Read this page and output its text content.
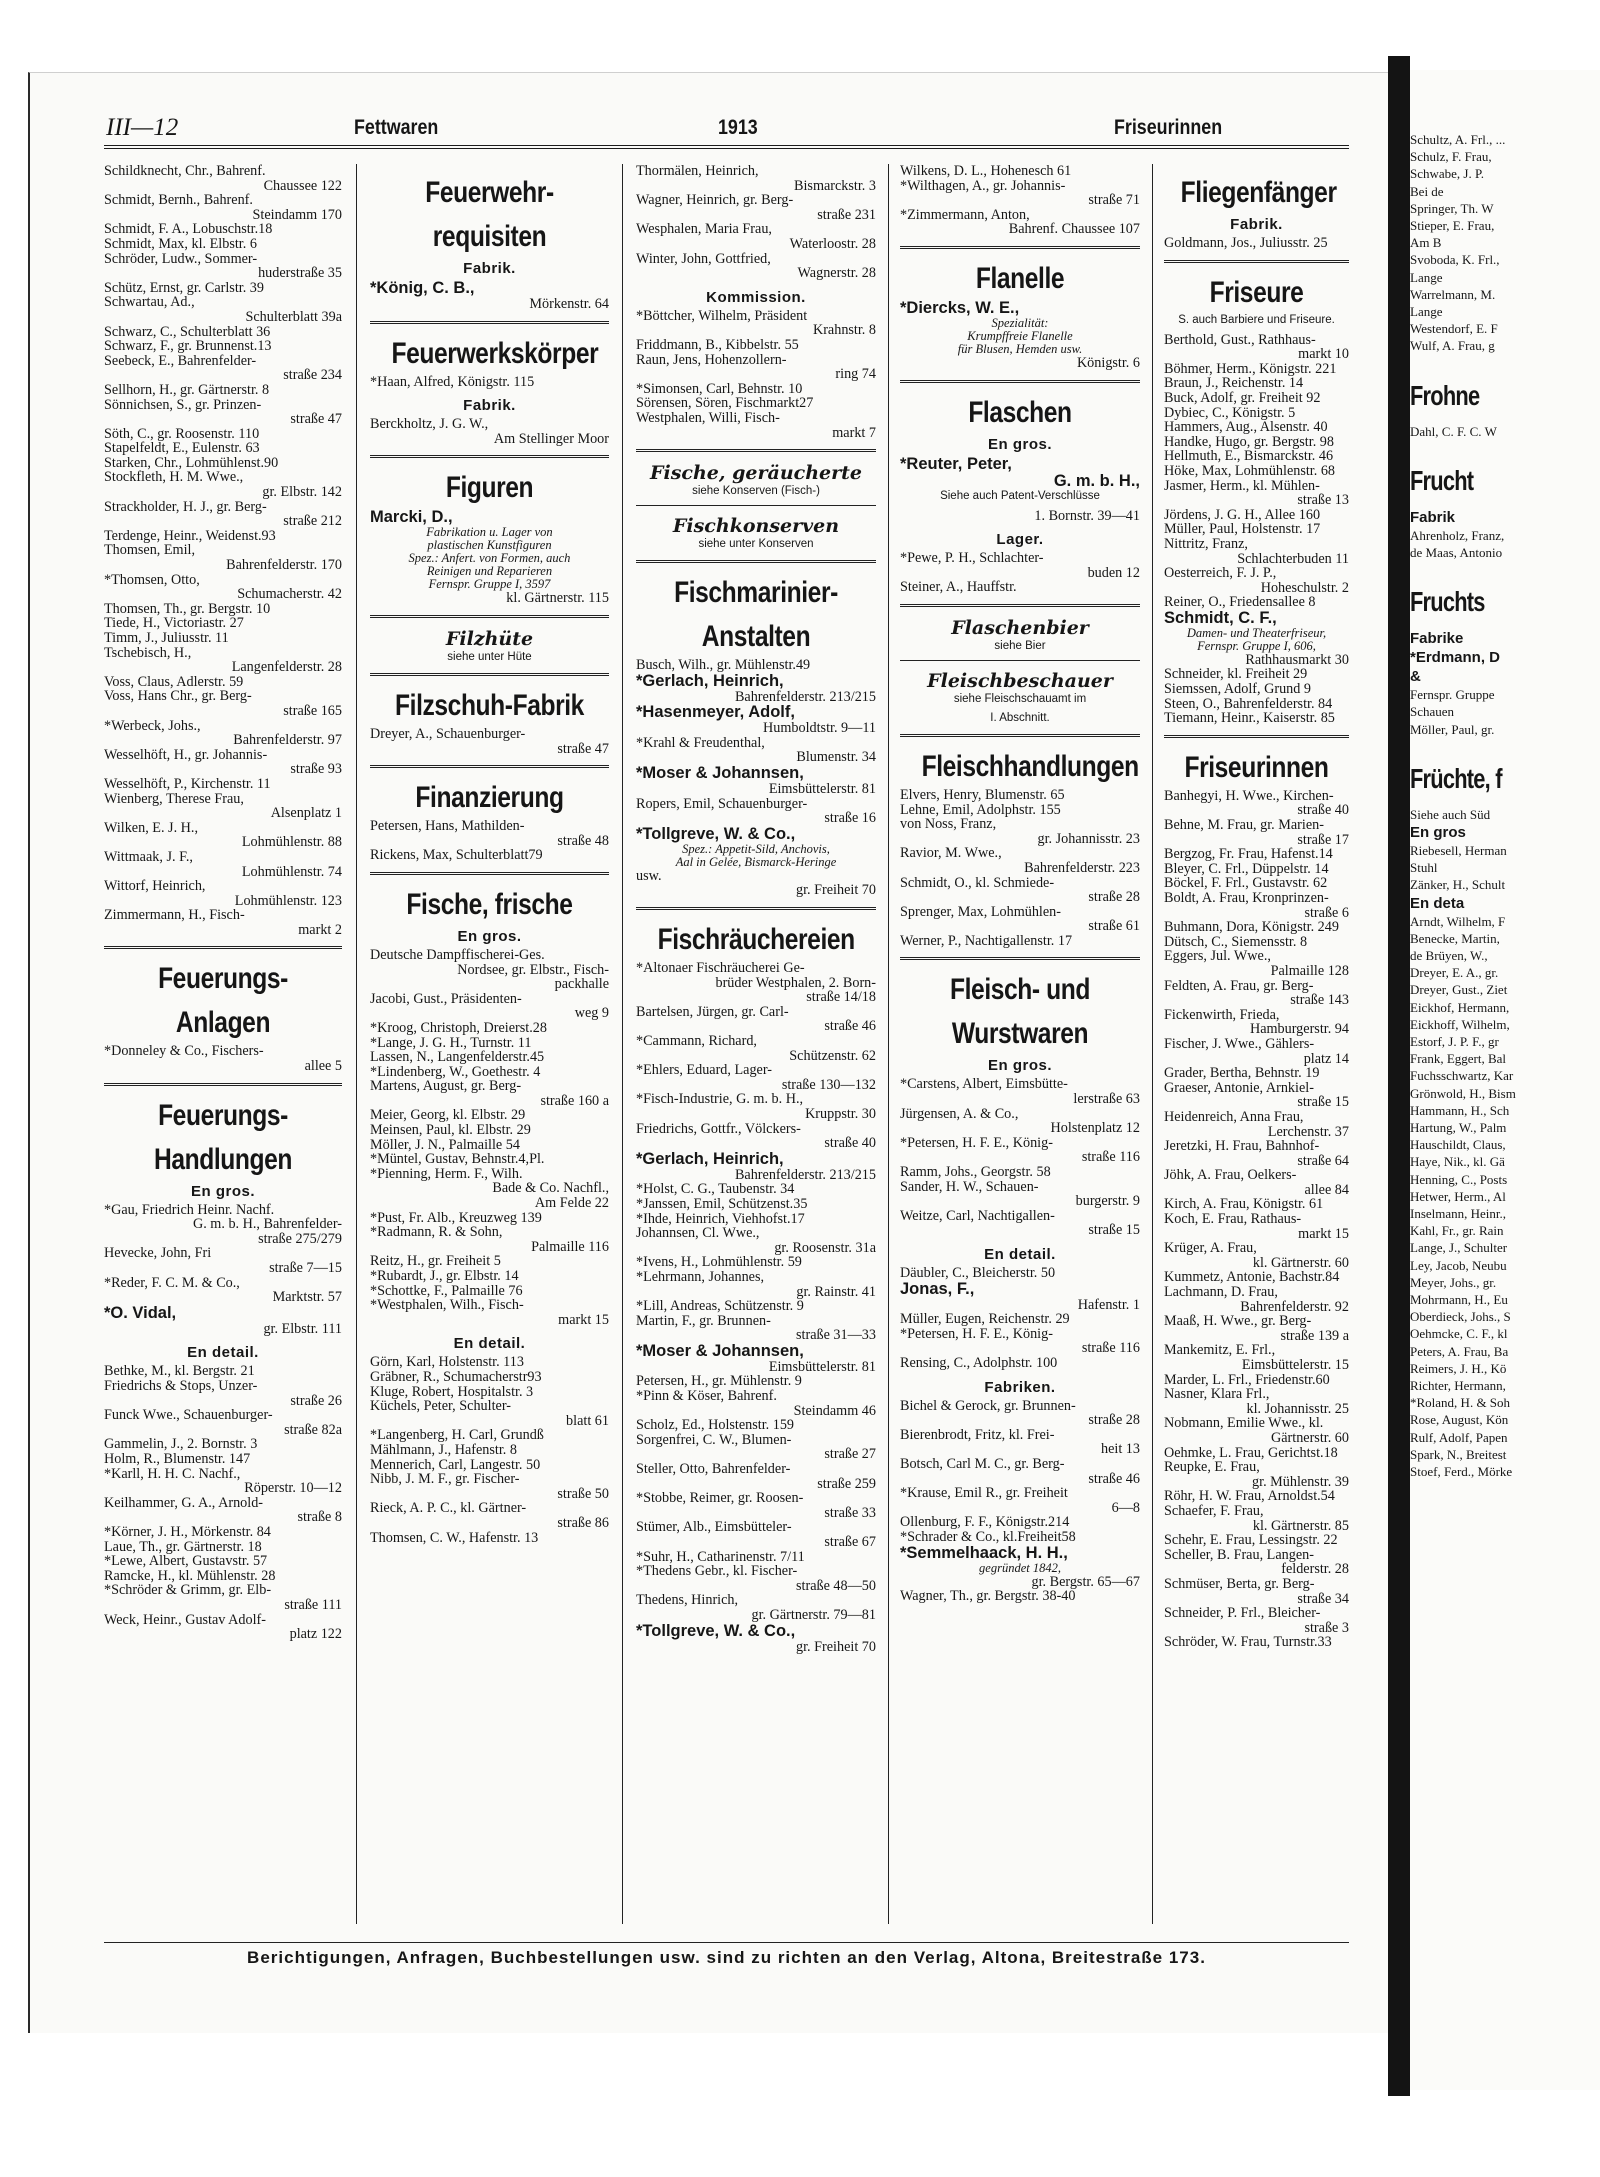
Schultz, A. Frl., ...
Schulz, F. Frau,
Schwabe, J. P.
Bei de
Springer, Th. W
Stieper, E. Frau,
Am B
Svoboda, K. Frl.,
Lange
Warrelmann, M.
Lange
Westendorf, E. F
Wulf, A. Frau, g
Frohne
Dahl, C. F. C. W
Frucht
Fabrik
Ahrenholz, Franz,
de Maas, Antonio
Fruchts
Fabrike
*Erdmann, D
&
Fernspr. Gruppe
Schauen
Möller, Paul, gr.
Früchte, f
Siehe auch Süd
En gros
Riebesell, Herman
Stuhl
Zänker, H., Schult
En deta
Arndt, Wilhelm, F
Benecke, Martin,
de Brüyen, W.,
Dreyer, E. A., gr.
Dreyer, Gust., Ziet
Eickhof, Hermann,
Eickhoff, Wilhelm,
Estorf, J. P. F., gr
Frank, Eggert, Bal
Fuchsschwartz, Kar
Grönwold, H., Bism
Hammann, H., Sch
Hartung, W., Palm
Hauschildt, Claus,
Haye, Nik., kl. Gä
Henning, C., Posts
Hetwer, Herm., Al
Inselmann, Heinr.,
Kahl, Fr., gr. Rain
Lange, J., Schulter
Ley, Jacob, Neubu
Meyer, Johs., gr.
Mohrmann, H., Eu
Oberdieck, Johs., S
Oehmcke, C. F., kl
Peters, A. Frau, Ba
Reimers, J. H., Kö
Richter, Hermann,
*Roland, H. & Soh
Rose, August, Kön
Rulf, Adolf, Papen
Spark, N., Breitest
Stoef, Ferd., Mörke
III—12	Fettwaren	1913	Friseurinnen
Schildknecht, Chr., Bahrenf.
Chaussee 122
Schmidt, Bernh., Bahrenf.
Steindamm 170
Schmidt, F. A., Lobuschstr.18
Schmidt, Max, kl. Elbstr. 6
Schröder, Ludw., Sommer-
huderstraße 35
Schütz, Ernst, gr. Carlstr. 39
Schwartau, Ad.,
Schulterblatt 39a
Schwarz, C., Schulterblatt 36
Schwarz, F., gr. Brunnenst.13
Seebeck, E., Bahrenfelder-
straße 234
Sellhorn, H., gr. Gärtnerstr. 8
Sönnichsen, S., gr. Prinzen-
straße 47
Söth, C., gr. Roosenstr. 110
Stapelfeldt, E., Eulenstr. 63
Starken, Chr., Lohmühlenst.90
Stockfleth, H. M. Wwe.,
gr. Elbstr. 142
Strackholder, H. J., gr. Berg-
straße 212
Terdenge, Heinr., Weidenst.93
Thomsen, Emil,
Bahrenfelderstr. 170
*Thomsen, Otto,
Schumacherstr. 42
Thomsen, Th., gr. Bergstr. 10
Tiede, H., Victoriastr. 27
Timm, J., Juliusstr. 11
Tschebisch, H.,
Langenfelderstr. 28
Voss, Claus, Adlerstr. 59
Voss, Hans Chr., gr. Berg-
straße 165
*Werbeck, Johs.,
Bahrenfelderstr. 97
Wesselhöft, H., gr. Johannis-
straße 93
Wesselhöft, P., Kirchenstr. 11
Wienberg, Therese Frau,
Alsenplatz 1
Wilken, E. J. H.,
Lohmühlenstr. 88
Wittmaak, J. F.,
Lohmühlenstr. 74
Wittorf, Heinrich,
Lohmühlenstr. 123
Zimmermann, H., Fisch-
markt 2
Feuerungs-
Anlagen
*Donneley & Co., Fischers-
allee 5
Feuerungs-
Handlungen
En gros.
*Gau, Friedrich Heinr. Nachf.
G. m. b. H., Bahrenfelder-
straße 275/279
Hevecke, John, Fri
straße 7—15
*Reder, F. C. M. & Co.,
Marktstr. 57
*O. Vidal,
gr. Elbstr. 111
En detail.
Bethke, M., kl. Bergstr. 21
Friedrichs & Stops, Unzer-
straße 26
Funck Wwe., Schauenburger-
straße 82a
Gammelin, J., 2. Bornstr. 3
Holm, R., Blumenstr. 147
*Karll, H. H. C. Nachf.,
Röperstr. 10—12
Keilhammer, G. A., Arnold-
straße 8
*Körner, J. H., Mörkenstr. 84
Laue, Th., gr. Gärtnerstr. 18
*Lewe, Albert, Gustavstr. 57
Ramcke, H., kl. Mühlenstr. 28
*Schröder & Grimm, gr. Elb-
straße 111
Weck, Heinr., Gustav Adolf-
platz 122
Feuerwehr-
requisiten
Fabrik.
*König, C. B.,
Mörkenstr. 64
Feuerwerkskörper
*Haan, Alfred, Königstr. 115
Fabrik.
Berckholtz, J. G. W.,
Am Stellinger Moor
Figuren
Marcki, D.,
Fabrikation u. Lager von
plastischen Kunstfiguren
Spez.: Anfert. von Formen, auch
Reinigen und Reparieren
Fernspr. Gruppe I, 3597
kl. Gärtnerstr. 115
Filzhüte
siehe unter Hüte
Filzschuh-Fabrik
Dreyer, A., Schauenburger-
straße 47
Finanzierung
Petersen, Hans, Mathilden-
straße 48
Rickens, Max, Schulterblatt79
Fische, frische
En gros.
Deutsche Dampffischerei-Ges.
Nordsee, gr. Elbstr., Fisch-
packhalle
Jacobi, Gust., Präsidenten-
weg 9
*Kroog, Christoph, Dreierst.28
*Lange, J. G. H., Turnstr. 11
Lassen, N., Langenfelderstr.45
*Lindenberg, W., Goethestr. 4
Martens, August, gr. Berg-
straße 160 a
Meier, Georg, kl. Elbstr. 29
Meinsen, Paul, kl. Elbstr. 29
Möller, J. N., Palmaille 54
*Müntel, Gustav, Behnstr.4,Pl.
*Pienning, Herm. F., Wilh.
Bade & Co. Nachfl.,
Am Felde 22
*Pust, Fr. Alb., Kreuzweg 139
*Radmann, R. & Sohn,
Palmaille 116
Reitz, H., gr. Freiheit 5
*Rubardt, J., gr. Elbstr. 14
*Schottke, F., Palmaille 76
*Westphalen, Wilh., Fisch-
markt 15
En detail.
Görn, Karl, Holstenstr. 113
Gräbner, R., Schumacherstr93
Kluge, Robert, Hospitalstr. 3
Küchels, Peter, Schulter-
blatt 61
*Langenberg, H. Carl, Grundß
Mählmann, J., Hafenstr. 8
Mennerich, Carl, Langestr. 50
Nibb, J. M. F., gr. Fischer-
straße 50
Rieck, A. P. C., kl. Gärtner-
straße 86
Thomsen, C. W., Hafenstr. 13
Thormälen, Heinrich,
Bismarckstr. 3
Wagner, Heinrich, gr. Berg-
straße 231
Wesphalen, Maria Frau,
Waterloostr. 28
Winter, John, Gottfried,
Wagnerstr. 28
Kommission.
*Böttcher, Wilhelm, Präsident
Krahnstr. 8
Friddmann, B., Kibbelstr. 55
Raun, Jens, Hohenzollern-
ring 74
*Simonsen, Carl, Behnstr. 10
Sörensen, Sören, Fischmarkt27
Westphalen, Willi, Fisch-
markt 7
Fische, geräucherte
siehe Konserven (Fisch-)
Fischkonserven
siehe unter Konserven
Fischmarinier-
Anstalten
Busch, Wilh., gr. Mühlenstr.49
*Gerlach, Heinrich,
Bahrenfelderstr. 213/215
*Hasenmeyer, Adolf,
Humboldtstr. 9—11
*Krahl & Freudenthal,
Blumenstr. 34
*Moser & Johannsen,
Eimsbüttelerstr. 81
Ropers, Emil, Schauenburger-
straße 16
*Tollgreve, W. & Co.,
Spez.: Appetit-Sild, Anchovis,
Aal in Gelée, Bismarck-Heringe
usw.
gr. Freiheit 70
Fischräuchereien
*Altonaer Fischräucherei Ge-
brüder Westphalen, 2. Born-
straße 14/18
Bartelsen, Jürgen, gr. Carl-
straße 46
*Cammann, Richard,
Schützenstr. 62
*Ehlers, Eduard, Lager-
straße 130—132
*Fisch-Industrie, G. m. b. H.,
Kruppstr. 30
Friedrichs, Gottfr., Völckers-
straße 40
*Gerlach, Heinrich,
Bahrenfelderstr. 213/215
*Holst, C. G., Taubenstr. 34
*Janssen, Emil, Schützenst.35
*Ihde, Heinrich, Viehhofst.17
Johannsen, Cl. Wwe.,
gr. Roosenstr. 31a
*Ivens, H., Lohmühlenstr. 59
*Lehrmann, Johannes,
gr. Rainstr. 41
*Lill, Andreas, Schützenstr. 9
Martin, F., gr. Brunnen-
straße 31—33
*Moser & Johannsen,
Eimsbüttelerstr. 81
Petersen, H., gr. Mühlenstr. 9
*Pinn & Köser, Bahrenf.
Steindamm 46
Scholz, Ed., Holstenstr. 159
Sorgenfrei, C. W., Blumen-
straße 27
Steller, Otto, Bahrenfelder-
straße 259
*Stobbe, Reimer, gr. Roosen-
straße 33
Stümer, Alb., Eimsbütteler-
straße 67
*Suhr, H., Catharinenstr. 7/11
*Thedens Gebr., kl. Fischer-
straße 48—50
Thedens, Hinrich,
gr. Gärtnerstr. 79—81
*Tollgreve, W. & Co.,
gr. Freiheit 70
Wilkens, D. L., Hohenesch 61
*Wilthagen, A., gr. Johannis-
straße 71
*Zimmermann, Anton,
Bahrenf. Chaussee 107
Flanelle
*Diercks, W. E.,
Spezialität:
Krumpffreie Flanelle
für Blusen, Hemden usw.
Königstr. 6
Flaschen
En gros.
*Reuter, Peter,
G. m. b. H.,
Siehe auch Patent-Verschlüsse
1. Bornstr. 39—41
Lager.
*Pewe, P. H., Schlachter-
buden 12
Steiner, A., Hauffstr.
Flaschenbier
siehe Bier
Fleischbeschauer
siehe Fleischschauamt im
I. Abschnitt.
Fleischhandlungen
Elvers, Henry, Blumenstr. 65
Lehne, Emil, Adolphstr. 155
von Noss, Franz,
gr. Johannisstr. 23
Ravior, M. Wwe.,
Bahrenfelderstr. 223
Schmidt, O., kl. Schmiede-
straße 28
Sprenger, Max, Lohmühlen-
straße 61
Werner, P., Nachtigallenstr. 17
Fleisch- und
Wurstwaren
En gros.
*Carstens, Albert, Eimsbütte-
lerstraße 63
Jürgensen, A. & Co.,
Holstenplatz 12
*Petersen, H. F. E., König-
straße 116
Ramm, Johs., Georgstr. 58
Sander, H. W., Schauen-
burgerstr. 9
Weitze, Carl, Nachtigallen-
straße 15
En detail.
Däubler, C., Bleicherstr. 50
Jonas, F.,
Hafenstr. 1
Müller, Eugen, Reichenstr. 29
*Petersen, H. F. E., König-
straße 116
Rensing, C., Adolphstr. 100
Fabriken.
Bichel & Gerock, gr. Brunnen-
straße 28
Bierenbrodt, Fritz, kl. Frei-
heit 13
Botsch, Carl M. C., gr. Berg-
straße 46
*Krause, Emil R., gr. Freiheit
6—8
Ollenburg, F. F., Königstr.214
*Schrader & Co., kl.Freiheit58
*Semmelhaack, H. H.,
gegründet 1842,
gr. Bergstr. 65—67
Wagner, Th., gr. Bergstr. 38-40
Fliegenfänger
Fabrik.
Goldmann, Jos., Juliusstr. 25
Friseure
S. auch Barbiere und Friseure.
Berthold, Gust., Rathhaus-
markt 10
Böhmer, Herm., Königstr. 221
Braun, J., Reichenstr. 14
Buck, Adolf, gr. Freiheit 92
Dybiec, C., Königstr. 5
Hammers, Aug., Alsenstr. 40
Handke, Hugo, gr. Bergstr. 98
Hellmuth, E., Bismarckstr. 46
Höke, Max, Lohmühlenstr. 68
Jasmer, Herm., kl. Mühlen-
straße 13
Jördens, J. G. H., Allee 160
Müller, Paul, Holstenstr. 17
Nittritz, Franz,
Schlachterbuden 11
Oesterreich, F. J. P.,
Hoheschulstr. 2
Reiner, O., Friedensallee 8
Schmidt, C. F.,
Damen- und Theaterfriseur,
Fernspr. Gruppe I, 606,
Rathhausmarkt 30
Schneider, kl. Freiheit 29
Siemssen, Adolf, Grund 9
Steen, O., Bahrenfelderstr. 84
Tiemann, Heinr., Kaiserstr. 85
Friseurinnen
Banhegyi, H. Wwe., Kirchen-
straße 40
Behne, M. Frau, gr. Marien-
straße 17
Bergzog, Fr. Frau, Hafenst.14
Bleyer, C. Frl., Düppelstr. 14
Böckel, F. Frl., Gustavstr. 62
Boldt, A. Frau, Kronprinzen-
straße 6
Buhmann, Dora, Königstr. 249
Dütsch, C., Siemensstr. 8
Eggers, Jul. Wwe.,
Palmaille 128
Feldten, A. Frau, gr. Berg-
straße 143
Fickenwirth, Frieda,
Hamburgerstr. 94
Fischer, J. Wwe., Gählers-
platz 14
Grader, Bertha, Behnstr. 19
Graeser, Antonie, Arnkiel-
straße 15
Heidenreich, Anna Frau,
Lerchenstr. 37
Jeretzki, H. Frau, Bahnhof-
straße 64
Jöhk, A. Frau, Oelkers-
allee 84
Kirch, A. Frau, Königstr. 61
Koch, E. Frau, Rathaus-
markt 15
Krüger, A. Frau,
kl. Gärtnerstr. 60
Kummetz, Antonie, Bachstr.84
Lachmann, D. Frau,
Bahrenfelderstr. 92
Maaß, H. Wwe., gr. Berg-
straße 139 a
Mankemitz, E. Frl.,
Eimsbüttelerstr. 15
Marder, L. Frl., Friedenstr.60
Nasner, Klara Frl.,
kl. Johannisstr. 25
Nobmann, Emilie Wwe., kl.
Gärtnerstr. 60
Oehmke, L. Frau, Gerichtst.18
Reupke, E. Frau,
gr. Mühlenstr. 39
Röhr, H. W. Frau, Arnoldst.54
Schaefer, F. Frau,
kl. Gärtnerstr. 85
Schehr, E. Frau, Lessingstr. 22
Scheller, B. Frau, Langen-
felderstr. 28
Schmüser, Berta, gr. Berg-
straße 34
Schneider, P. Frl., Bleicher-
straße 3
Schröder, W. Frau, Turnstr.33
Berichtigungen, Anfragen, Buchbestellungen usw. sind zu richten an den Verlag, Altona, Breitestraße 173.
